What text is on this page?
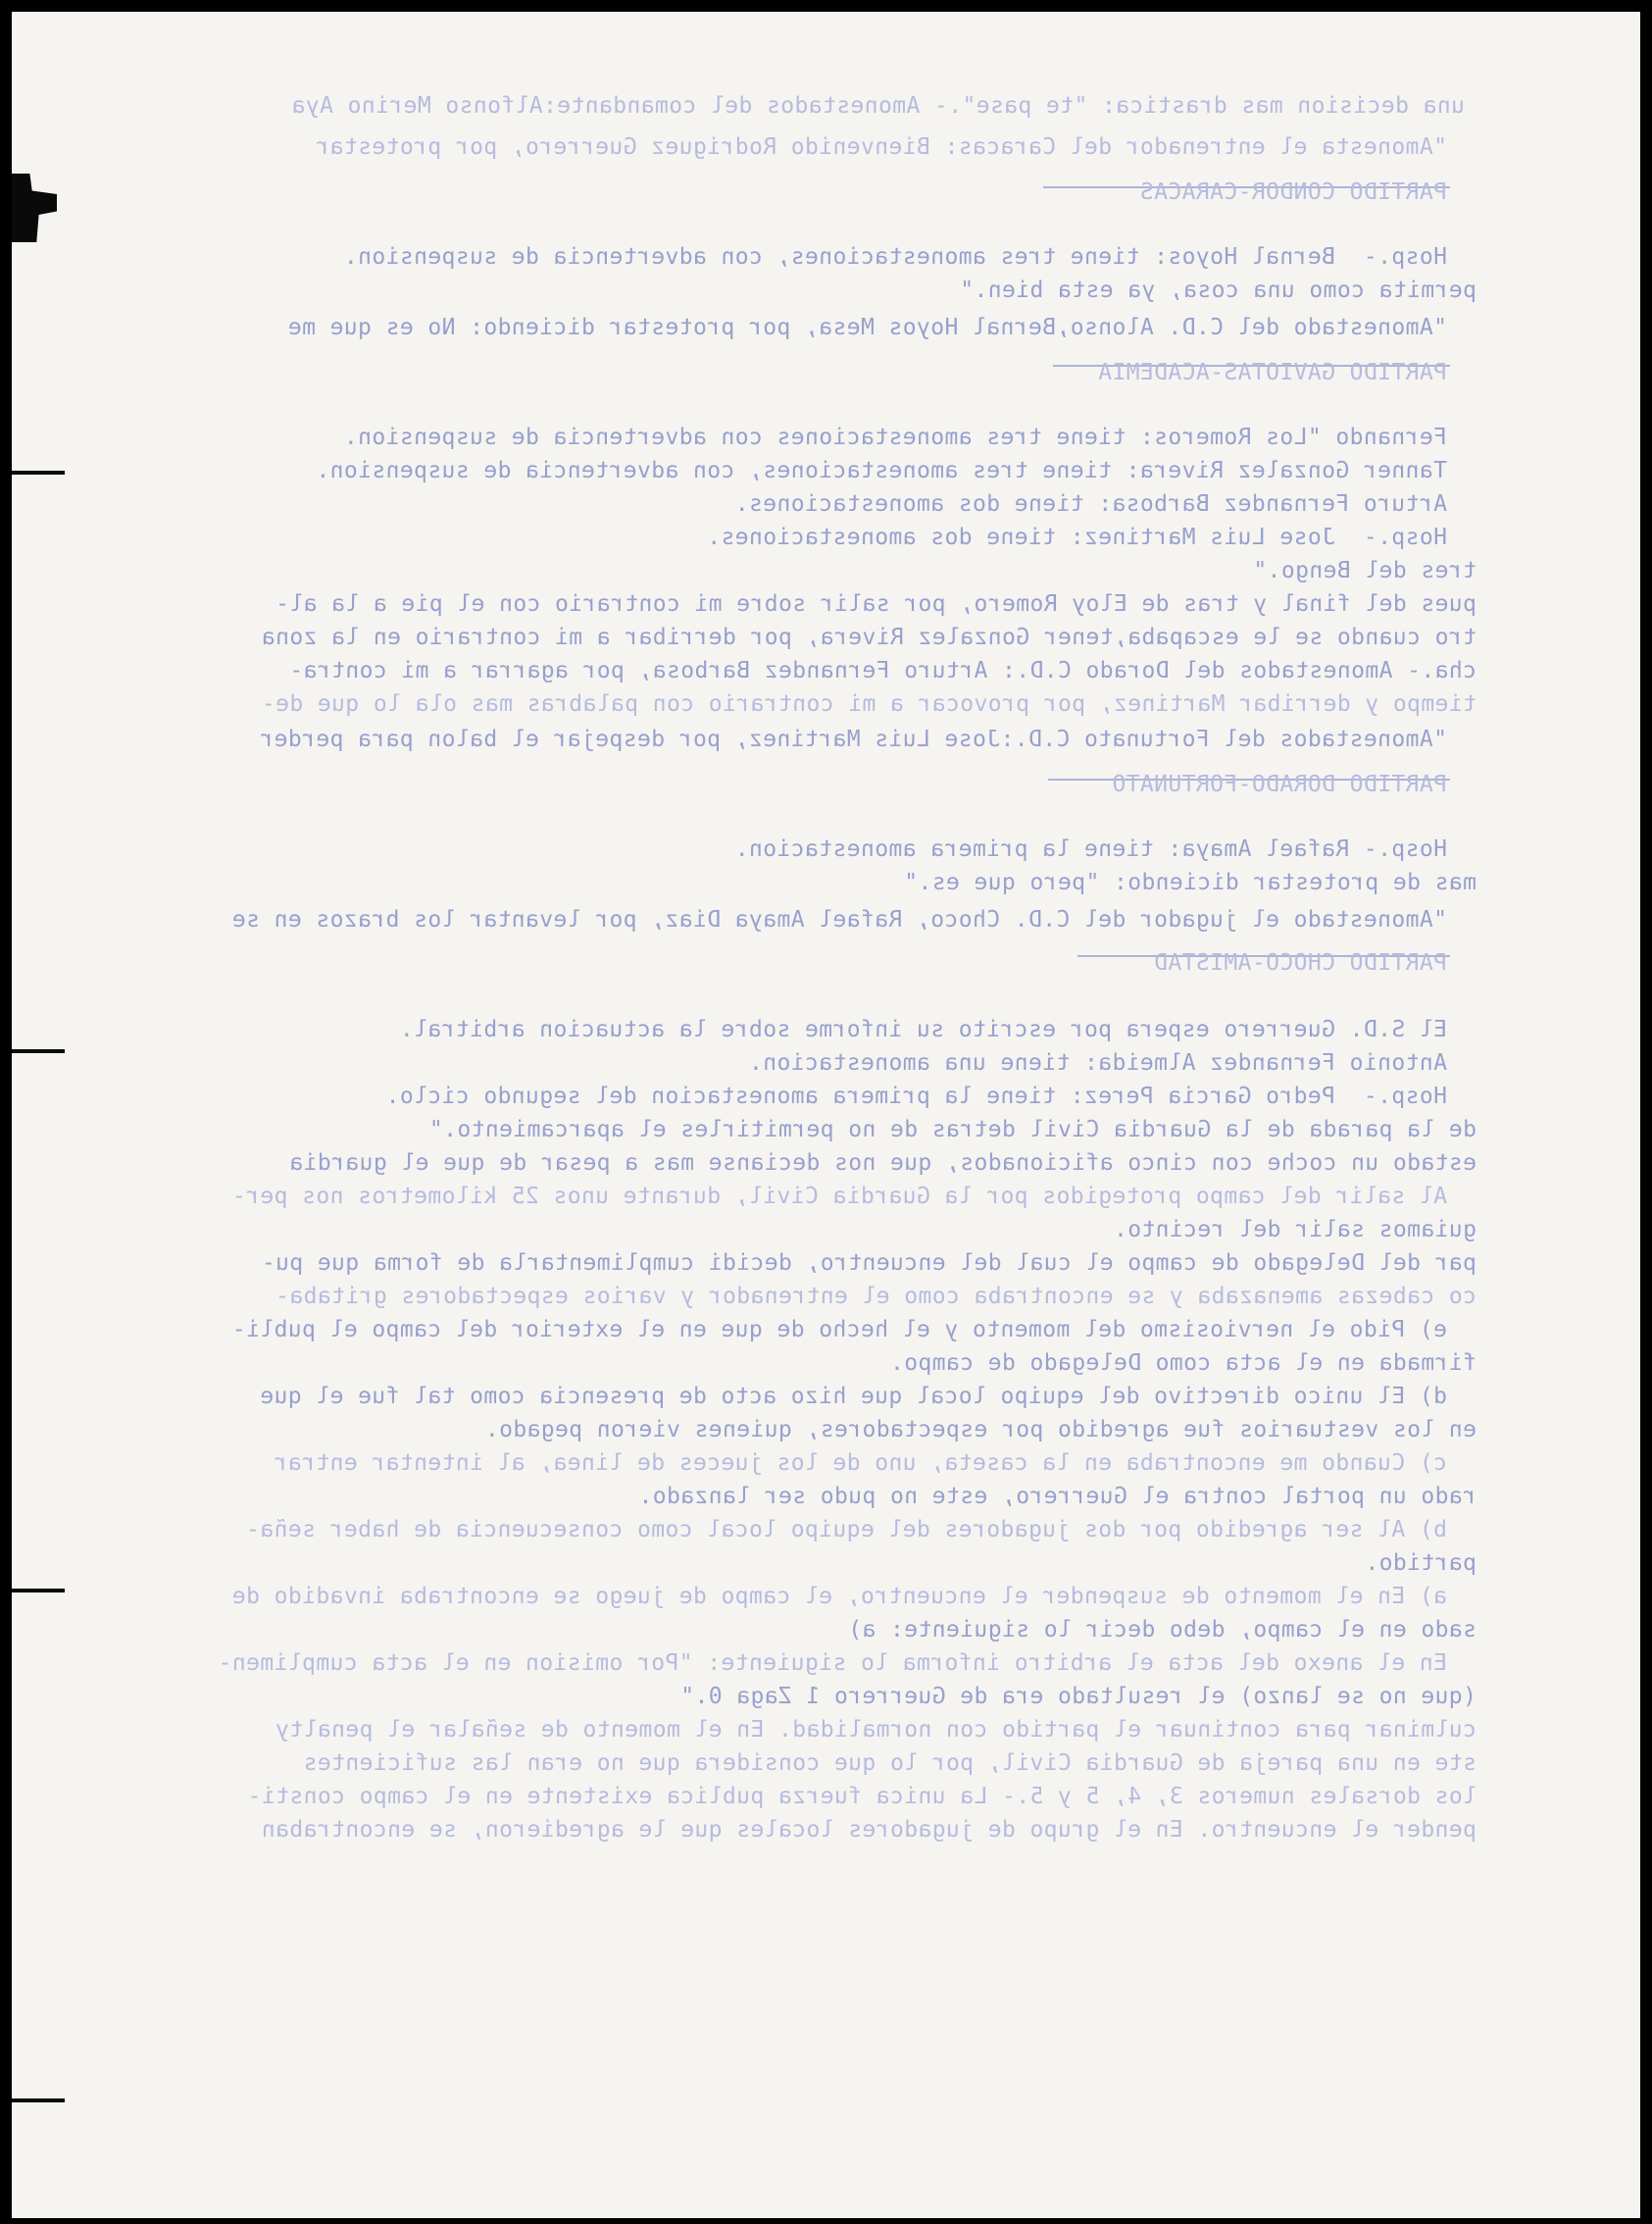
una decision mas drastica: "te pase".- Amonestados del comandante:Alfonso Merino Aya
"Amonesta el entrenador del Caracas: Bienvenido Rodriguez Guerrero, por protestar
PARTIDO CONDOR-CARACAS
Hosp.-  Bernal Hoyos: tiene tres amonestaciones, con advertencia de suspension.
permita como una cosa, ya esta bien."
"Amonestado del C.D. Alonso,Bernal Hoyos Mesa, por protestar diciendo: No es que me
PARTIDO GAVIOTAS-ACADEMIA
Fernando "Los Romeros: tiene tres amonestaciones con advertencia de suspension.
Tanner Gonzalez Rivera: tiene tres amonestaciones, con advertencia de suspension.
Arturo Fernandez Barbosa: tiene dos amonestaciones.
Hosp.-  Jose Luis Martinez: tiene dos amonestaciones.
tres del Bengo."
pues del final y tras de Eloy Romero, por salir sobre mi contrario con el pie a la al-
tro cuando se le escapaba,tener Gonzalez Rivera, por derribar a mi contrario en la zona
cha.- Amonestados del Dorado C.D.: Arturo Fernandez Barbosa, por agarrar a mi contra-
tiempo y derribar Martinez, por provocar a mi contrario con palabras mas ola lo que de-
"Amonestados del Fortunato C.D.:Jose Luis Martinez, por despejar el balon para perder
PARTIDO DORADO-FORTUNATO
Hosp.- Rafael Amaya: tiene la primera amonestacion.
mas de protestar diciendo: "pero que es."
"Amonestado el jugador del C.D. Choco, Rafael Amaya Diaz, por levantar los brazos en se
PARTIDO CHOCO-AMISTAD
El S.D. Guerrero espera por escrito su informe sobre la actuacion arbitral.
Antonio Fernandez Almeida: tiene una amonestacion.
Hosp.-  Pedro Garcia Perez: tiene la primera amonestacion del segundo ciclo.
de la parada de la Guardia Civil detras de no permitirles el aparcamiento."
estado un coche con cinco aficionados, que nos decianse mas a pesar de que el guardia
Al salir del campo protegidos por la Guardia Civil, durante unos 25 kilometros nos per-
guiamos salir del recinto.
par del Delegado de campo el cual del encuentro, decidi cumplimentarla de forma que pu-
co cabezas amenazaba y se encontraba como el entrenador y varios espectadores gritaba-
e) Pido el nerviosismo del momento y el hecho de que en el exterior del campo el publi-
firmada en el acta como Delegado de campo.
d) El unico directivo del equipo local que hizo acto de presencia como tal fue el que
en los vestuarios fue agredido por espectadores, quienes vieron pegado.
c) Cuando me encontraba en la caseta, uno de los jueces de linea, al intentar entrar
rado un portal contra el Guerrero, este no pudo ser lanzado.
b) Al ser agredido por dos jugadores del equipo local como consecuencia de haber seña-
partido.
a) En el momento de suspender el encuentro, el campo de juego se encontraba invadido de
sado en el campo, debo decir lo siguiente: a)
En el anexo del acta el arbitro informa lo siguiente: "Por omision en el acta cumplimen-
(que no se lanzo) el resultado era de Guerrero 1 Zaga 0."
culminar para continuar el partido con normalidad. En el momento de señalar el penalty
ste en una pareja de Guardia Civil, por lo que considera que no eran las suficientes
los dorsales numeros 3, 4, 5 y 5.- La unica fuerza publica existente en el campo consti-
pender el encuentro. En el grupo de jugadores locales que le agredieron, se encontraban
